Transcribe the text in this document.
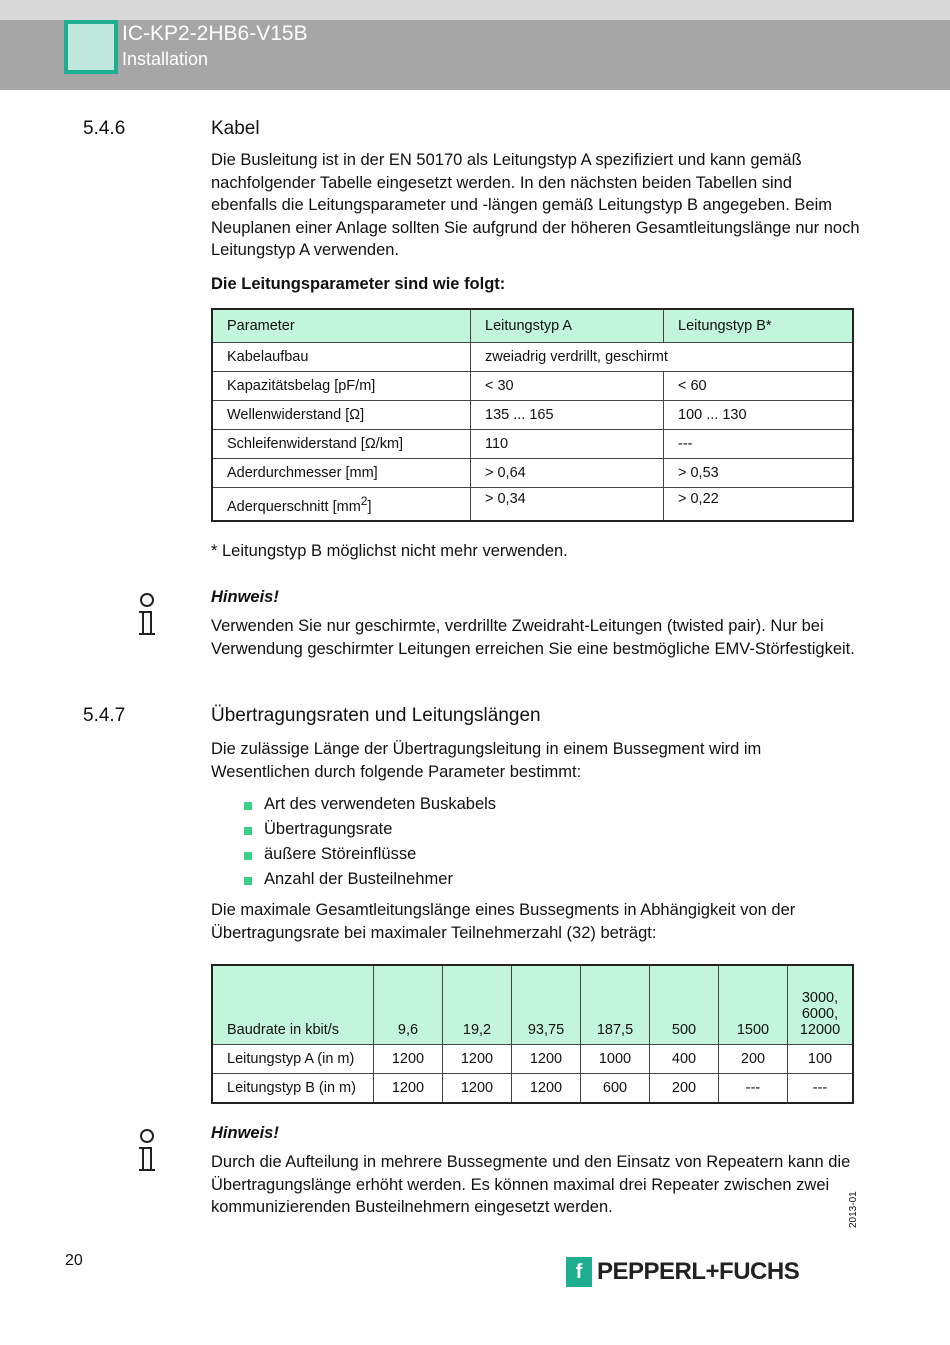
IC-KP2-2HB6-V15B
Installation
5.4.6	Kabel
Die Busleitung ist in der EN 50170 als Leitungstyp A spezifiziert und kann gemäß nachfolgender Tabelle eingesetzt werden. In den nächsten beiden Tabellen sind ebenfalls die Leitungsparameter und -längen gemäß Leitungstyp B angegeben. Beim Neuplanen einer Anlage sollten Sie aufgrund der höheren Gesamtleitungslänge nur noch Leitungstyp A verwenden.
Die Leitungsparameter sind wie folgt:
Parameter	Leitungstyp A	Leitungstyp B*
Kabelaufbau	zweiadrig verdrillt, geschirmt	
Kapazitätsbelag [pF/m]	< 30	< 60
Wellenwiderstand [Ω]	135 ... 165	100 ... 130
Schleifenwiderstand [Ω/km]	110	---
Aderdurchmesser [mm]	> 0,64	> 0,53
Aderquerschnitt $[mm^2]$	> 0,34	> 0,22
* Leitungstyp B möglichst nicht mehr verwenden.
Hinweis!
Verwenden Sie nur geschirmte, verdrillte Zweidraht-Leitungen (twisted pair). Nur bei Verwendung geschirmter Leitungen erreichen Sie eine bestmögliche EMV-Störfestigkeit.
5.4.7	Übertragungsraten und Leitungslängen
Die zulässige Länge der Übertragungsleitung in einem Bussegment wird im Wesentlichen durch folgende Parameter bestimmt:
Art des verwendeten Buskabels
Übertragungsrate
äußere Störeinflüsse
Anzahl der Busteilnehmer
Die maximale Gesamtleitungslänge eines Bussegments in Abhängigkeit von der Übertragungsrate bei maximaler Teilnehmerzahl (32) beträgt:
Baudrate in kbit/s	9,6	19,2	93,75	187,5	500	1500	3000,
6000,
12000

Leitungstyp A (in m)	1200	1200	1200	1000	400	200	100
Leitungstyp B (in m)	1200	1200	1200	600	200	---	---
Hinweis!
Durch die Aufteilung in mehrere Bussegmente und den Einsatz von Repeatern kann die Übertragungslänge erhöht werden. Es können maximal drei Repeater zwischen zwei kommunizierenden Busteilnehmern eingesetzt werden.
20
2013-01
f PEPPERL+FUCHS
